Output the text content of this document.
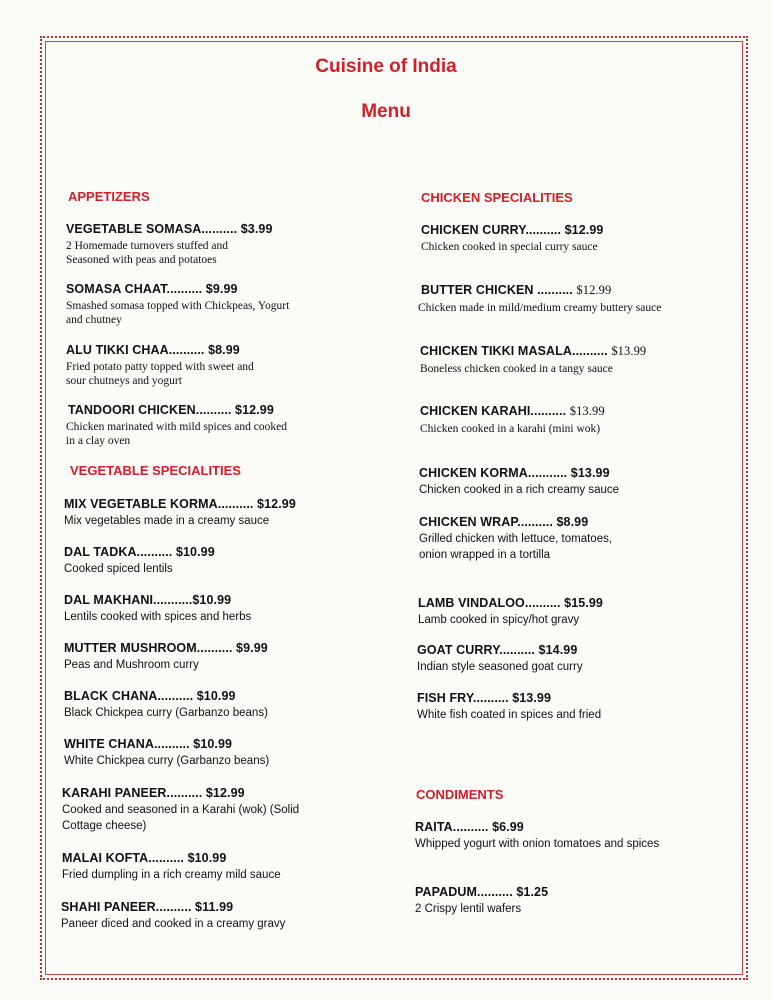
Cuisine of India
Menu
APPETIZERS
VEGETABLE SOMASA.......... $3.99
2 Homemade turnovers stuffed and Seasoned with peas and potatoes
SOMASA CHAAT.......... $9.99
Smashed somasa topped with Chickpeas, Yogurt and chutney
ALU TIKKI CHAA.......... $8.99
Fried potato patty topped with sweet and sour chutneys and yogurt
TANDOORI CHICKEN.......... $12.99
Chicken marinated with mild spices and cooked in a clay oven
VEGETABLE SPECIALITIES
MIX VEGETABLE KORMA.......... $12.99
Mix vegetables made in a creamy sauce
DAL TADKA.......... $10.99
Cooked spiced lentils
DAL MAKHANI...........$10.99
Lentils cooked with spices and herbs
MUTTER MUSHROOM.......... $9.99
Peas and Mushroom curry
BLACK CHANA.......... $10.99
Black Chickpea curry (Garbanzo beans)
WHITE CHANA.......... $10.99
White Chickpea curry (Garbanzo beans)
KARAHI PANEER.......... $12.99
Cooked and seasoned in a Karahi (wok) (Solid Cottage cheese)
MALAI KOFTA.......... $10.99
Fried dumpling in a rich creamy mild sauce
SHAHI PANEER.......... $11.99
Paneer diced and cooked in a creamy gravy
CHICKEN SPECIALITIES
CHICKEN CURRY.......... $12.99
Chicken cooked in special curry sauce
BUTTER CHICKEN .......... $12.99
Chicken made in mild/medium creamy buttery sauce
CHICKEN TIKKI MASALA.......... $13.99
Boneless chicken cooked in a tangy sauce
CHICKEN KARAHI.......... $13.99
Chicken cooked in a karahi (mini wok)
CHICKEN KORMA........... $13.99
Chicken cooked in a rich creamy sauce
CHICKEN WRAP.......... $8.99
Grilled chicken with lettuce, tomatoes, onion wrapped in a tortilla
LAMB VINDALOO.......... $15.99
Lamb cooked in spicy/hot gravy
GOAT CURRY.......... $14.99
Indian style seasoned goat curry
FISH FRY.......... $13.99
White fish coated in spices and fried
CONDIMENTS
RAITA.......... $6.99
Whipped yogurt with onion tomatoes and spices
PAPADUM.......... $1.25
2 Crispy lentil wafers
